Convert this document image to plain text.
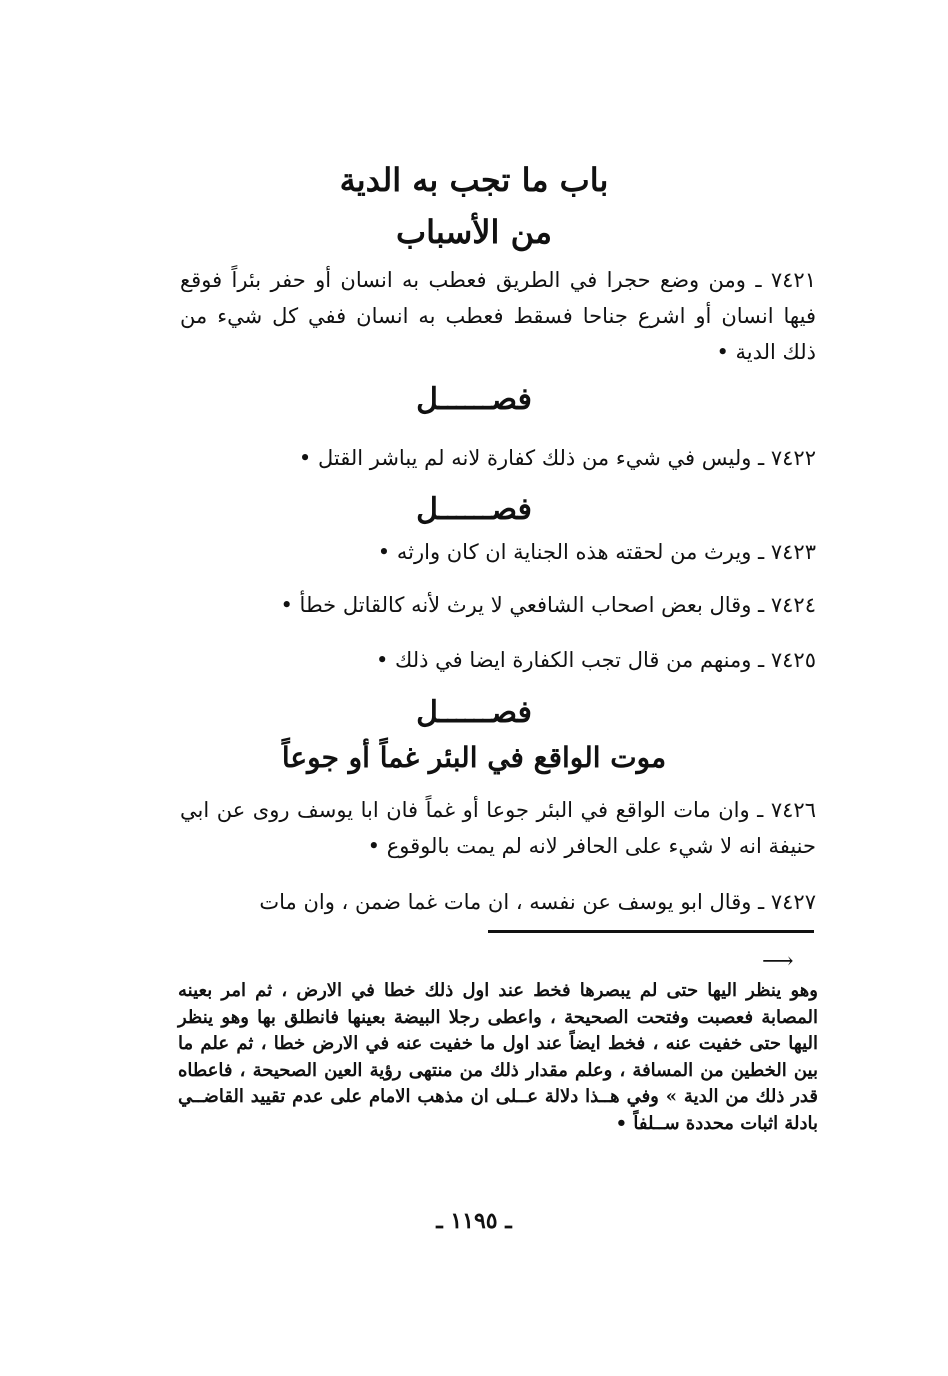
باب ما تجب به الدية
من الأسباب
٧٤٢١ ـ ومن وضع حجرا في الطريق فعطب به انسان أو حفر بئراً فوقع فيها انسان أو اشرع جناحا فسقط فعطب به انسان ففي كل شيء من ذلك الدية •
فصــــــل
٧٤٢٢ ـ وليس في شيء من ذلك كفارة لانه لم يباشر القتل •
فصــــــل
٧٤٢٣ ـ ويرث من لحقته هذه الجناية ان كان وارثه •
٧٤٢٤ ـ وقال بعض اصحاب الشافعي لا يرث لأنه كالقاتل خطأ •
٧٤٢٥ ـ ومنهم من قال تجب الكفارة ايضا في ذلك •
فصــــــل
موت الواقع في البئر غماً أو جوعاً
٧٤٢٦ ـ وان مات الواقع في البئر جوعا أو غماً فان ابا يوسف روى عن ابي حنيفة انه لا شيء على الحافر لانه لم يمت بالوقوع •
٧٤٢٧ ـ وقال ابو يوسف عن نفسه ، ان مات غما ضمن ، وان مات
⟶

وهو ينظر اليها حتى لم يبصرها فخط عند اول ذلك خطا في الارض ، ثم امر بعينه المصابة فعصبت وفتحت الصحيحة ، واعطى رجلا البيضة بعينها فانطلق بها وهو ينظر اليها حتى خفيت عنه ، فخط ايضاً عند اول ما خفيت عنه في الارض خطا ، ثم علم ما بين الخطين من المسافة ، وعلم مقدار ذلك من منتهى رؤية العين الصحيحة ، فاعطاه قدر ذلك من الدية » وفي هــذا دلالة عــلى ان مذهب الامام على عدم تقييد القاضــي بادلة اثبات محددة ســلفاً •

ـ ١١٩٥ ـ
